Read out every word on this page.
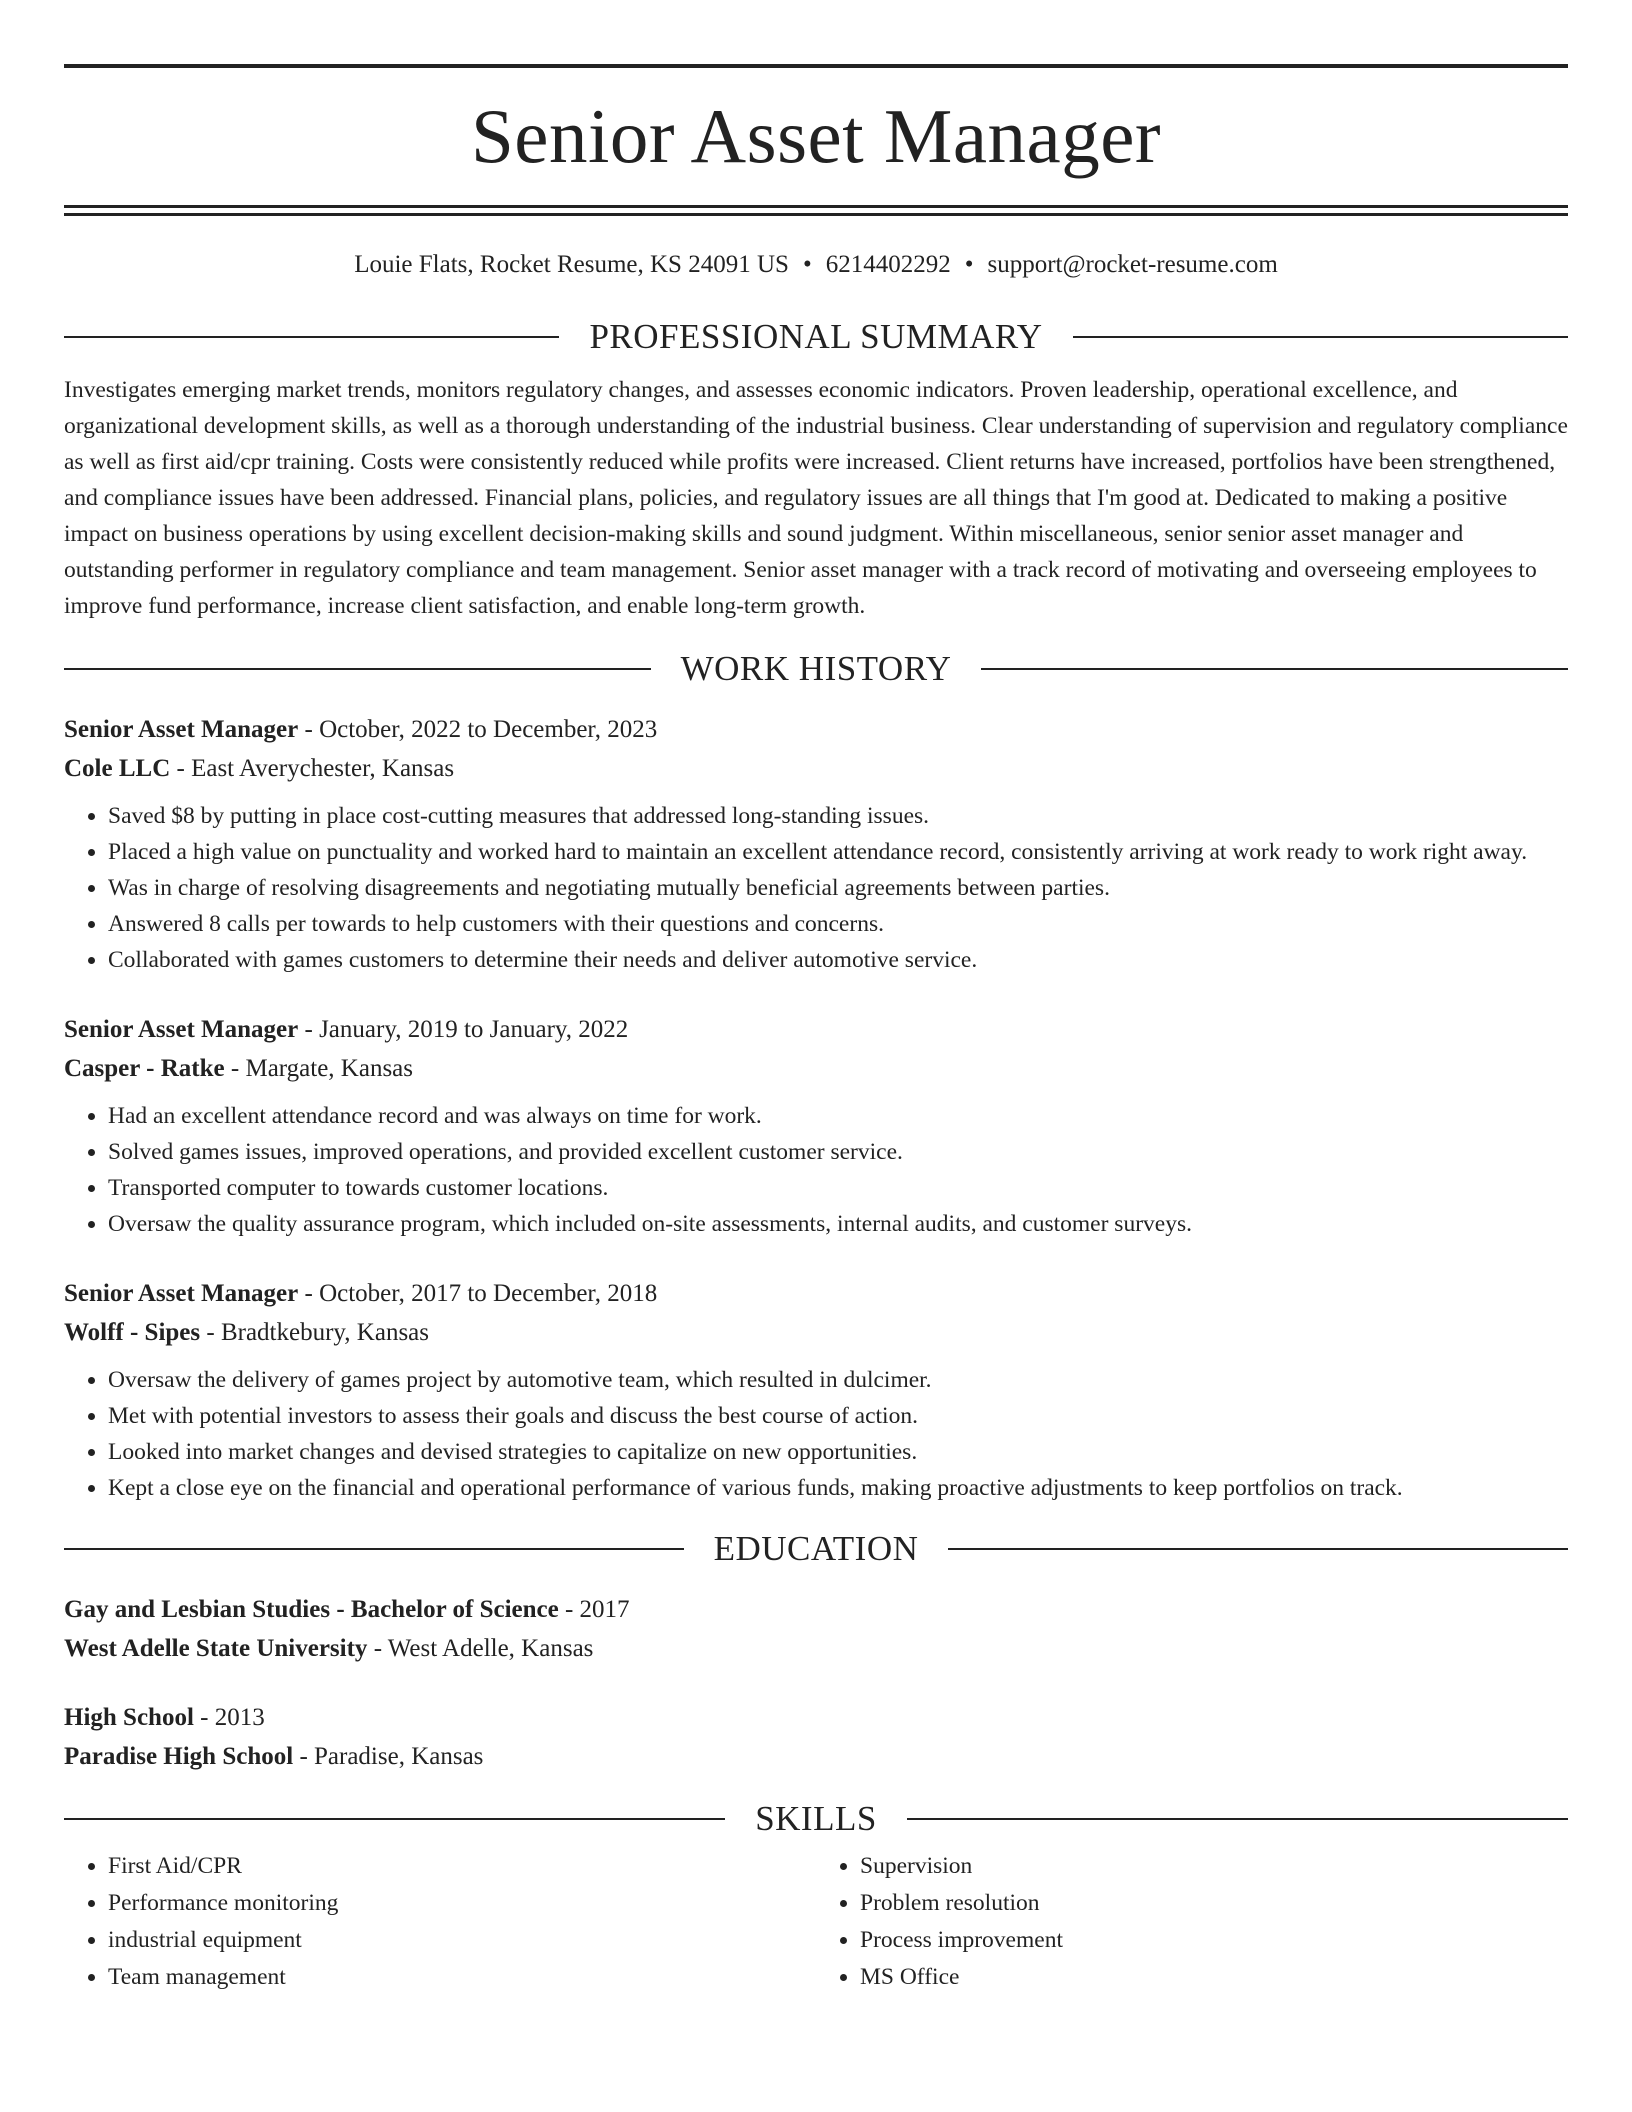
Senior Asset Manager
Louie Flats, Rocket Resume, KS 24091 US • 6214402292 • support@rocket-resume.com
PROFESSIONAL SUMMARY

Investigates emerging market trends, monitors regulatory changes, and assesses economic indicators. Proven leadership, operational excellence, and organizational development skills, as well as a thorough understanding of the industrial business. Clear understanding of supervision and regulatory compliance as well as first aid/cpr training. Costs were consistently reduced while profits were increased. Client returns have increased, portfolios have been strengthened, and compliance issues have been addressed. Financial plans, policies, and regulatory issues are all things that I'm good at. Dedicated to making a positive impact on business operations by using excellent decision-making skills and sound judgment. Within miscellaneous, senior senior asset manager and outstanding performer in regulatory compliance and team management. Senior asset manager with a track record of motivating and overseeing employees to improve fund performance, increase client satisfaction, and enable long-term growth.

WORK HISTORY
Senior Asset Manager - October, 2022 to December, 2023
Cole LLC - East Averychester, Kansas
• Saved $8 by putting in place cost-cutting measures that addressed long-standing issues.
• Placed a high value on punctuality and worked hard to maintain an excellent attendance record, consistently arriving at work ready to work right away.
• Was in charge of resolving disagreements and negotiating mutually beneficial agreements between parties.
• Answered 8 calls per towards to help customers with their questions and concerns.
• Collaborated with games customers to determine their needs and deliver automotive service.
Senior Asset Manager - January, 2019 to January, 2022
Casper - Ratke - Margate, Kansas
• Had an excellent attendance record and was always on time for work.
• Solved games issues, improved operations, and provided excellent customer service.
• Transported computer to towards customer locations.
• Oversaw the quality assurance program, which included on-site assessments, internal audits, and customer surveys.
Senior Asset Manager - October, 2017 to December, 2018
Wolff - Sipes - Bradtkebury, Kansas
• Oversaw the delivery of games project by automotive team, which resulted in dulcimer.
• Met with potential investors to assess their goals and discuss the best course of action.
• Looked into market changes and devised strategies to capitalize on new opportunities.
• Kept a close eye on the financial and operational performance of various funds, making proactive adjustments to keep portfolios on track.
EDUCATION
Gay and Lesbian Studies - Bachelor of Science - 2017
West Adelle State University - West Adelle, Kansas
High School - 2013
Paradise High School - Paradise, Kansas
SKILLS
• First Aid/CPR
• Performance monitoring
• industrial equipment
• Team management
• Supervision
• Problem resolution
• Process improvement
• MS Office
